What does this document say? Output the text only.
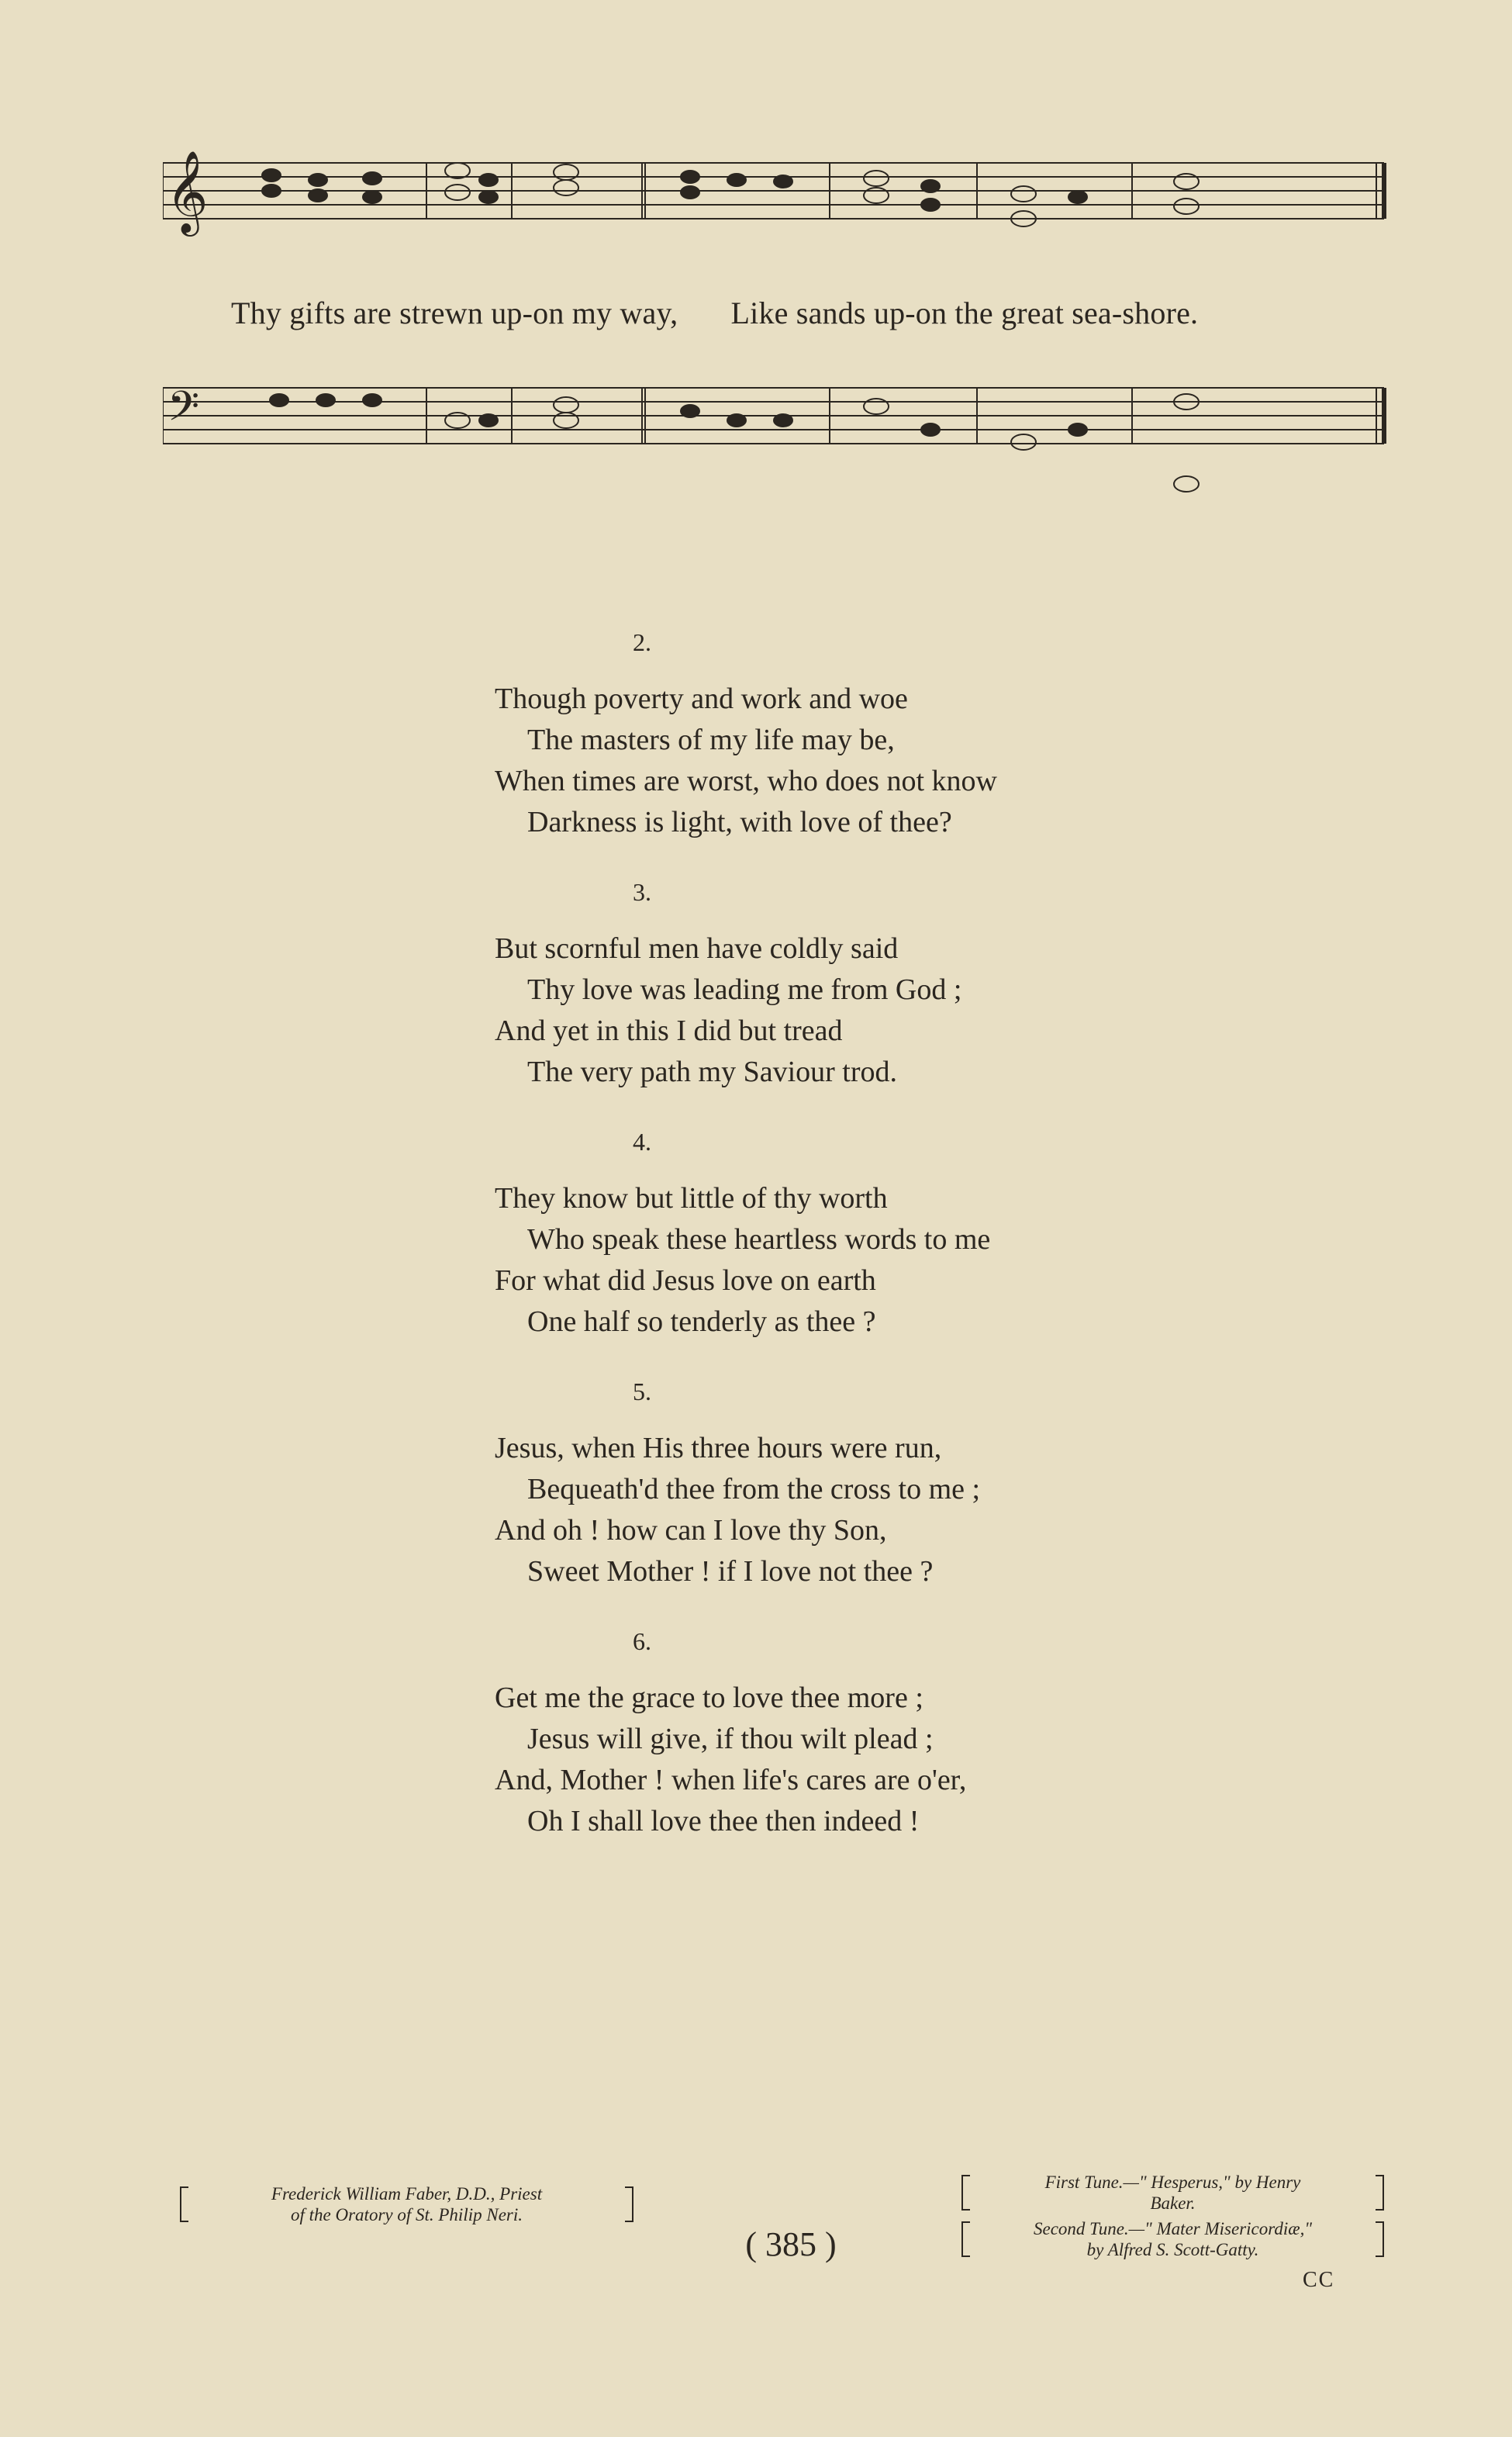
𝄞
𝄢
Thy gifts are strewn up-on my way, Like sands up-on the great sea-shore.
2.
Though poverty and work and woe
The masters of my life may be,
When times are worst, who does not know
Darkness is light, with love of thee?
3.
But scornful men have coldly said
Thy love was leading me from God ;
And yet in this I did but tread
The very path my Saviour trod.
4.
They know but little of thy worth
Who speak these heartless words to me
For what did Jesus love on earth
One half so tenderly as thee ?
5.
Jesus, when His three hours were run,
Bequeath'd thee from the cross to me ;
And oh ! how can I love thy Son,
Sweet Mother ! if I love not thee ?
6.
Get me the grace to love thee more ;
Jesus will give, if thou wilt plead ;
And, Mother ! when life's cares are o'er,
Oh I shall love thee then indeed !
Frederick William Faber, D.D., Priest
of the Oratory of St. Philip Neri.
( 385 )
First Tune.—" Hesperus," by Henry
Baker.
Second Tune.—" Mater Misericordiæ,"
by Alfred S. Scott-Gatty.
CC
